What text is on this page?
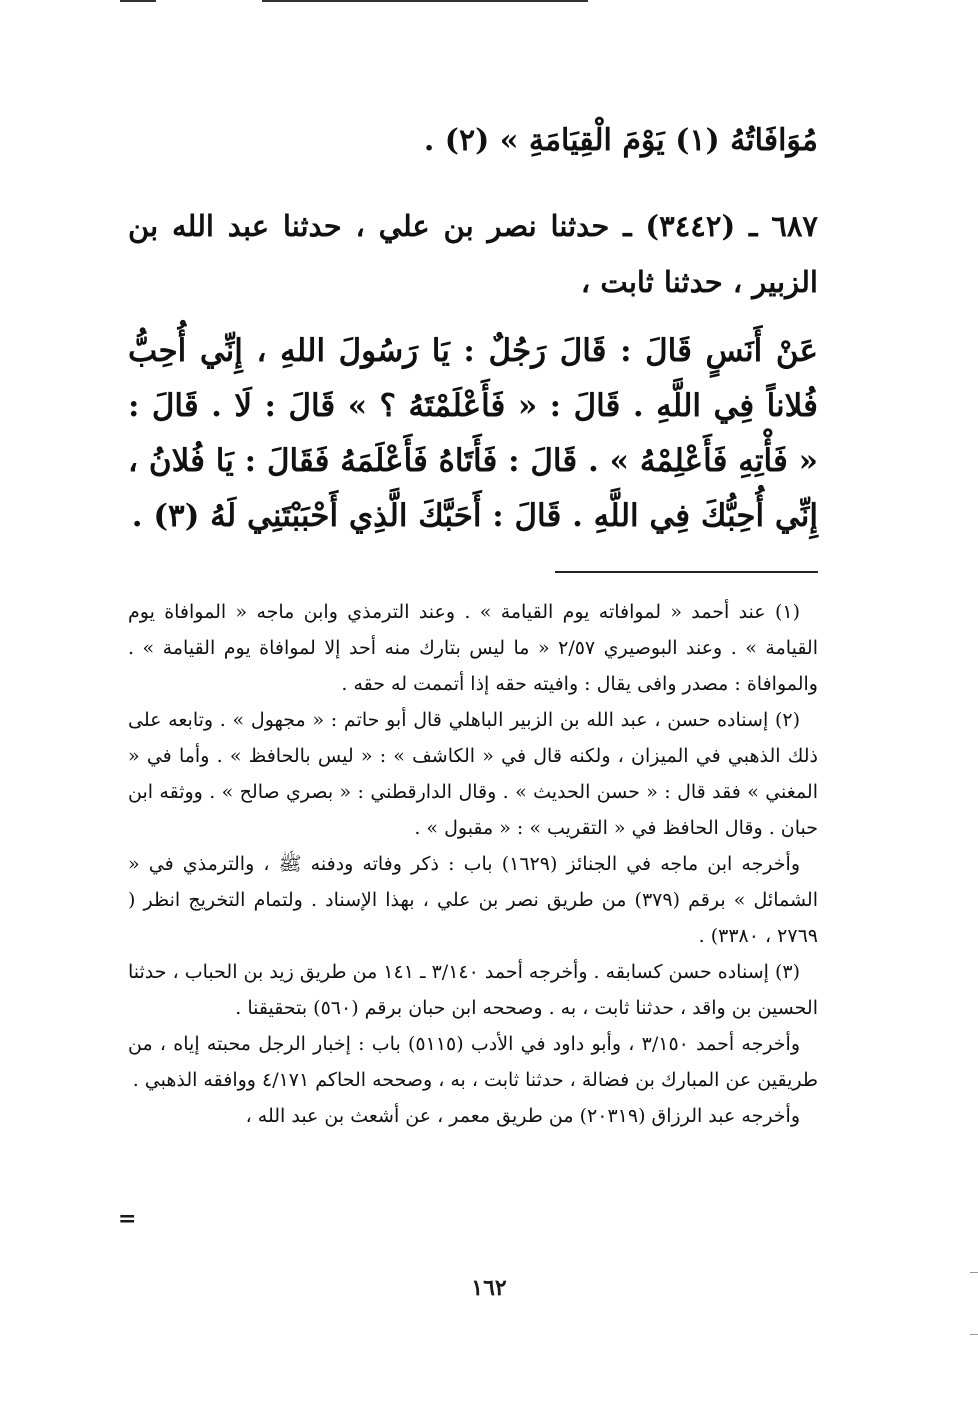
مُوَافَاتُهُ (١) يَوْمَ الْقِيَامَةِ » (٢) .
٦٨٧ ـ (٣٤٤٢) ـ حدثنا نصر بن علي ، حدثنا عبد الله بن الزبير ، حدثنا ثابت ،
عَنْ أَنَسٍ قَالَ : قَالَ رَجُلٌ : يَا رَسُولَ اللهِ ، إِنِّي أُحِبُّ فُلاناً فِي اللَّهِ . قَالَ : « فَأَعْلَمْتَهُ ؟ » قَالَ : لَا . قَالَ : « فَأْتِهِ فَأَعْلِمْهُ » . قَالَ : فَأَتَاهُ فَأَعْلَمَهُ فَقَالَ : يَا فُلانُ ، إِنِّي أُحِبُّكَ فِي اللَّهِ . قَالَ : أَحَبَّكَ الَّذِي أَحْبَبْتَنِي لَهُ (٣) .

(١) عند أحمد « لموافاته يوم القيامة » . وعند الترمذي وابن ماجه « الموافاة يوم القيامة » . وعند البوصيري ٢/٥٧ « ما ليس بتارك منه أحد إلا لموافاة يوم القيامة » . والموافاة : مصدر وافى يقال : وافيته حقه إذا أتممت له حقه .

(٢) إسناده حسن ، عبد الله بن الزبير الباهلي قال أبو حاتم : « مجهول » . وتابعه على ذلك الذهبي في الميزان ، ولكنه قال في « الكاشف » : « ليس بالحافظ » . وأما في « المغني » فقد قال : « حسن الحديث » . وقال الدارقطني : « بصري صالح » . ووثقه ابن حبان . وقال الحافظ في « التقريب » : « مقبول » .

وأخرجه ابن ماجه في الجنائز (١٦٢٩) باب : ذكر وفاته ودفنه ﷺ ، والترمذي في « الشمائل » برقم (٣٧٩) من طريق نصر بن علي ، بهذا الإسناد . ولتمام التخريج انظر ( ٢٧٦٩ ، ٣٣٨٠) .

(٣) إسناده حسن كسابقه . وأخرجه أحمد ٣/١٤٠ ـ ١٤١ من طريق زيد بن الحباب ، حدثنا الحسين بن واقد ، حدثنا ثابت ، به . وصححه ابن حبان برقم (٥٦٠) بتحقيقنا .

وأخرجه أحمد ٣/١٥٠ ، وأبو داود في الأدب (٥١١٥) باب : إخبار الرجل محبته إياه ، من طريقين عن المبارك بن فضالة ، حدثنا ثابت ، به ، وصححه الحاكم ٤/١٧١ ووافقه الذهبي .

وأخرجه عبد الرزاق (٢٠٣١٩) من طريق معمر ، عن أشعث بن عبد الله ،

=
١٦٢
